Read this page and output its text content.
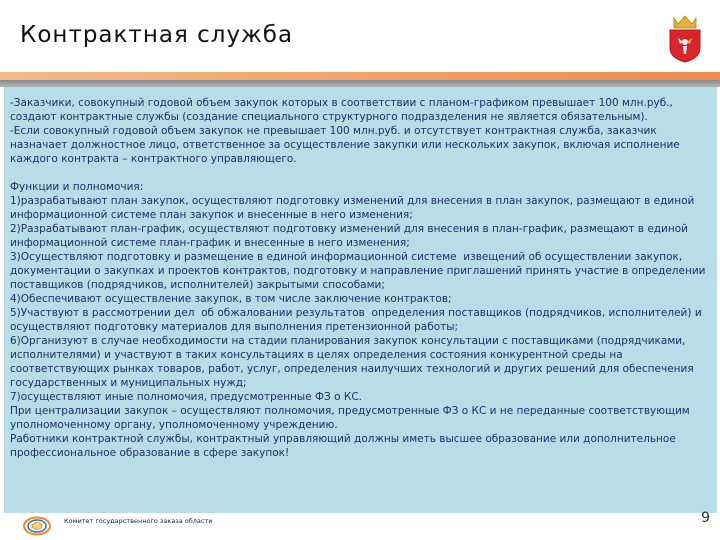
Контрактная служба

-Заказчики, совокупный годовой объем закупок которых в соответствии с планом-графиком превышает 100 млн.руб., создают контрактные службы (создание специального структурного подразделения не является обязательным).

-Если совокупный годовой объем закупок не превышает 100 млн.руб. и отсутствует контрактная служба, заказчик назначает должностное лицо, ответственное за осуществление закупки или нескольких закупок, включая исполнение каждого контракта – контрактного управляющего.

Функции и полномочия:

1)разрабатывают план закупок, осуществляют подготовку изменений для внесения в план закупок, размещают в единой информационной системе план закупок и внесенные в него изменения;

2)Разрабатывают план-график, осуществляют подготовку изменений для внесения в план-график, размещают в единой информационной системе план-график и внесенные в него изменения;

3)Осуществляют подготовку и размещение в единой информационной системе  извещений об осуществлении закупок, документации о закупках и проектов контрактов, подготовку и направление приглашений принять участие в определении поставщиков (подрядчиков, исполнителей) закрытыми способами;

4)Обеспечивают осуществление закупок, в том числе заключение контрактов;

5)Участвуют в рассмотрении дел  об обжаловании результатов  определения поставщиков (подрядчиков, исполнителей) и осуществляют подготовку материалов для выполнения претензионной работы;

6)Организуют в случае необходимости на стадии планирования закупок консультации с поставщиками (подрядчиками, исполнителями) и участвуют в таких консультациях в целях определения состояния конкурентной среды на соответствующих рынках товаров, работ, услуг, определения наилучших технологий и других решений для обеспечения государственных и муниципальных нужд;

7)осуществляют иные полномочия, предусмотренные ФЗ о КС.

При централизации закупок – осуществляют полномочия, предусмотренные ФЗ о КС и не переданные соответствующим уполномоченному органу, уполномоченному учреждению.

Работники контрактной службы, контрактный управляющий должны иметь высшее образование или дополнительное профессиональное образование в сфере закупок!

Комитет государственного заказа области	9
